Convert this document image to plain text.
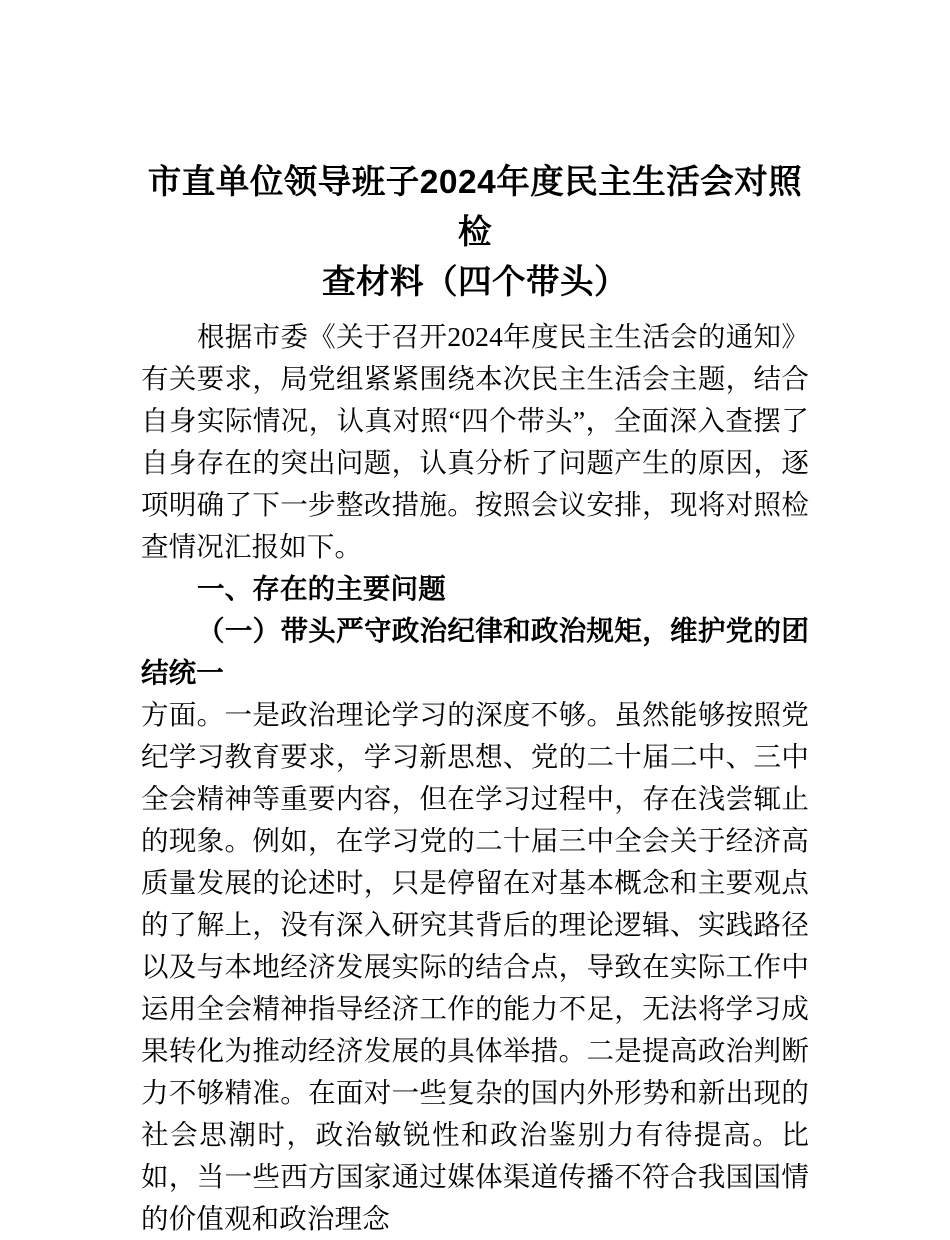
市直单位领导班子2024年度民主生活会对照检
查材料（四个带头）

根据市委《关于召开2024年度民主生活会的通知》有关要求，局党组紧紧围绕本次民主生活会主题，结合自身实际情况，认真对照“四个带头”，全面深入查摆了自身存在的突出问题，认真分析了问题产生的原因，逐项明确了下一步整改措施。按照会议安排，现将对照检查情况汇报如下。

一、存在的主要问题

（一）带头严守政治纪律和政治规矩，维护党的团结统一

方面。一是政治理论学习的深度不够。虽然能够按照党纪学习教育要求，学习新思想、党的二十届二中、三中全会精神等重要内容，但在学习过程中，存在浅尝辄止的现象。例如，在学习党的二十届三中全会关于经济高质量发展的论述时，只是停留在对基本概念和主要观点的了解上，没有深入研究其背后的理论逻辑、实践路径以及与本地经济发展实际的结合点，导致在实际工作中运用全会精神指导经济工作的能力不足，无法将学习成果转化为推动经济发展的具体举措。二是提高政治判断力不够精准。在面对一些复杂的国内外形势和新出现的社会思潮时，政治敏锐性和政治鉴别力有待提高。比如，当一些西方国家通过媒体渠道传播不符合我国国情的价值观和政治理念
